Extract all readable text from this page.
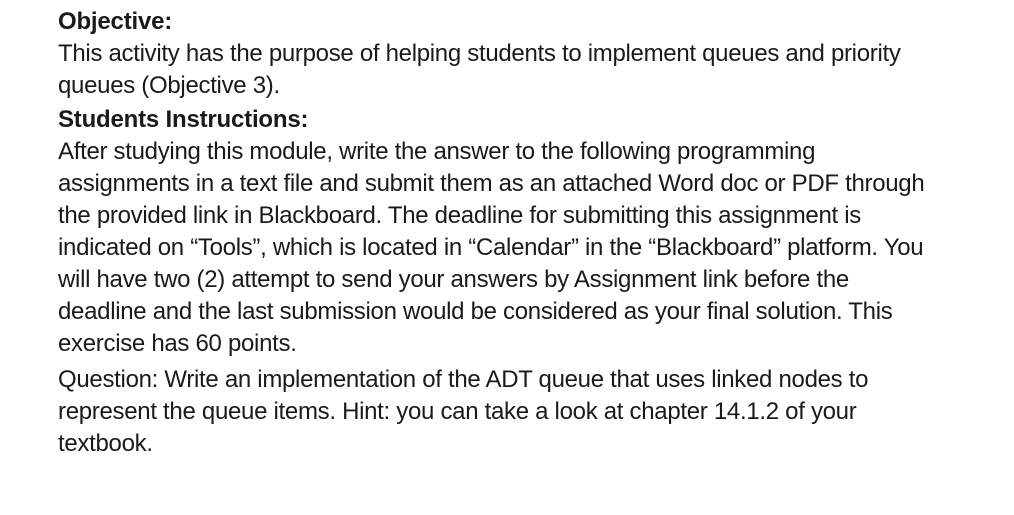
Objective:

This activity has the purpose of helping students to implement queues and priority
queues (Objective 3).

Students Instructions:

After studying this module, write the answer to the following programming
assignments in a text file and submit them as an attached Word doc or PDF through
the provided link in Blackboard. The deadline for submitting this assignment is
indicated on “Tools”, which is located in “Calendar” in the “Blackboard” platform. You
will have two (2) attempt to send your answers by Assignment link before the
deadline and the last submission would be considered as your final solution. This
exercise has 60 points.

Question: Write an implementation of the ADT queue that uses linked nodes to
represent the queue items. Hint: you can take a look at chapter 14.1.2 of your
textbook.
